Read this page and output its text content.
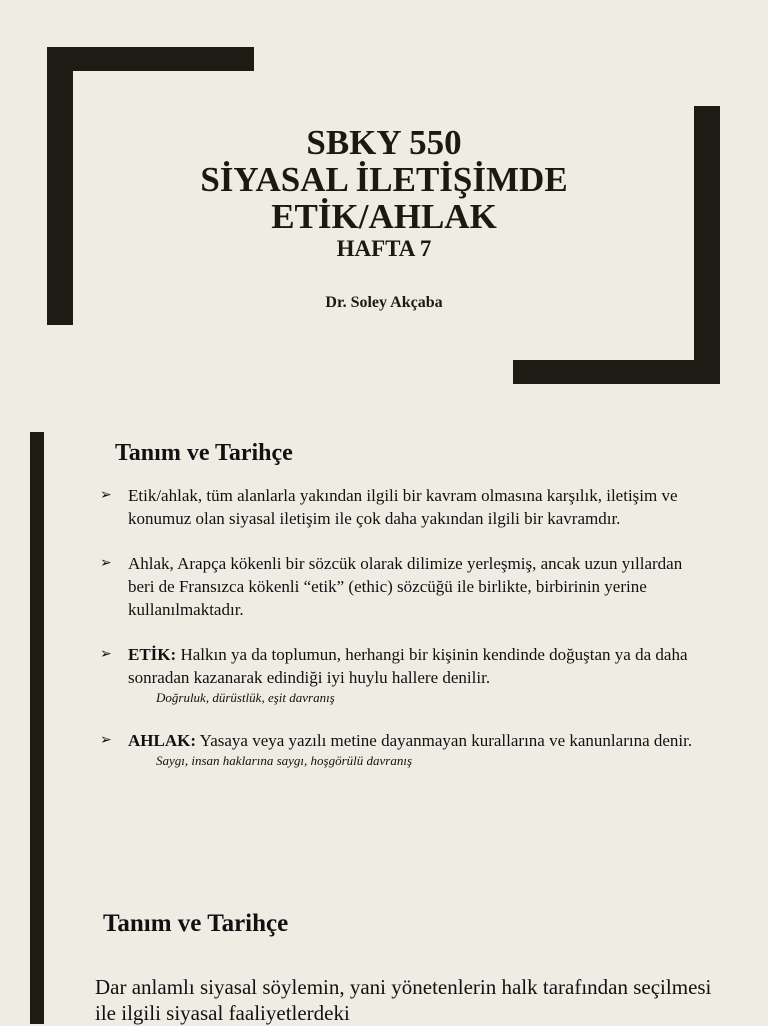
SBKY 550
SİYASAL İLETİŞİMDE
ETİK/AHLAK
HAFTA 7
Dr. Soley Akçaba
Tanım ve Tarihçe
➢ Etik/ahlak, tüm alanlarla yakından ilgili bir kavram olmasına karşılık, iletişim ve konumuz olan siyasal iletişim ile çok daha yakından ilgili bir kavramdır.
➢ Ahlak, Arapça kökenli bir sözcük olarak dilimize yerleşmiş, ancak uzun yıllardan beri de Fransızca kökenli “etik” (ethic) sözcüğü ile birlikte, birbirinin yerine kullanılmaktadır.
➢ ETİK: Halkın ya da toplumun, herhangi bir kişinin kendinde doğuştan ya da daha sonradan kazanarak edindiği iyi huylu hallere denilir.
Doğruluk, dürüstlük, eşit davranış
➢ AHLAK: Yasaya veya yazılı metine dayanmayan kurallarına ve kanunlarına denir.
Saygı, insan haklarına saygı, hoşgörülü davranış
Tanım ve Tarihçe
Dar anlamlı siyasal söylemin, yani yönetenlerin halk tarafından seçilmesi ile ilgili siyasal faaliyetlerdeki
